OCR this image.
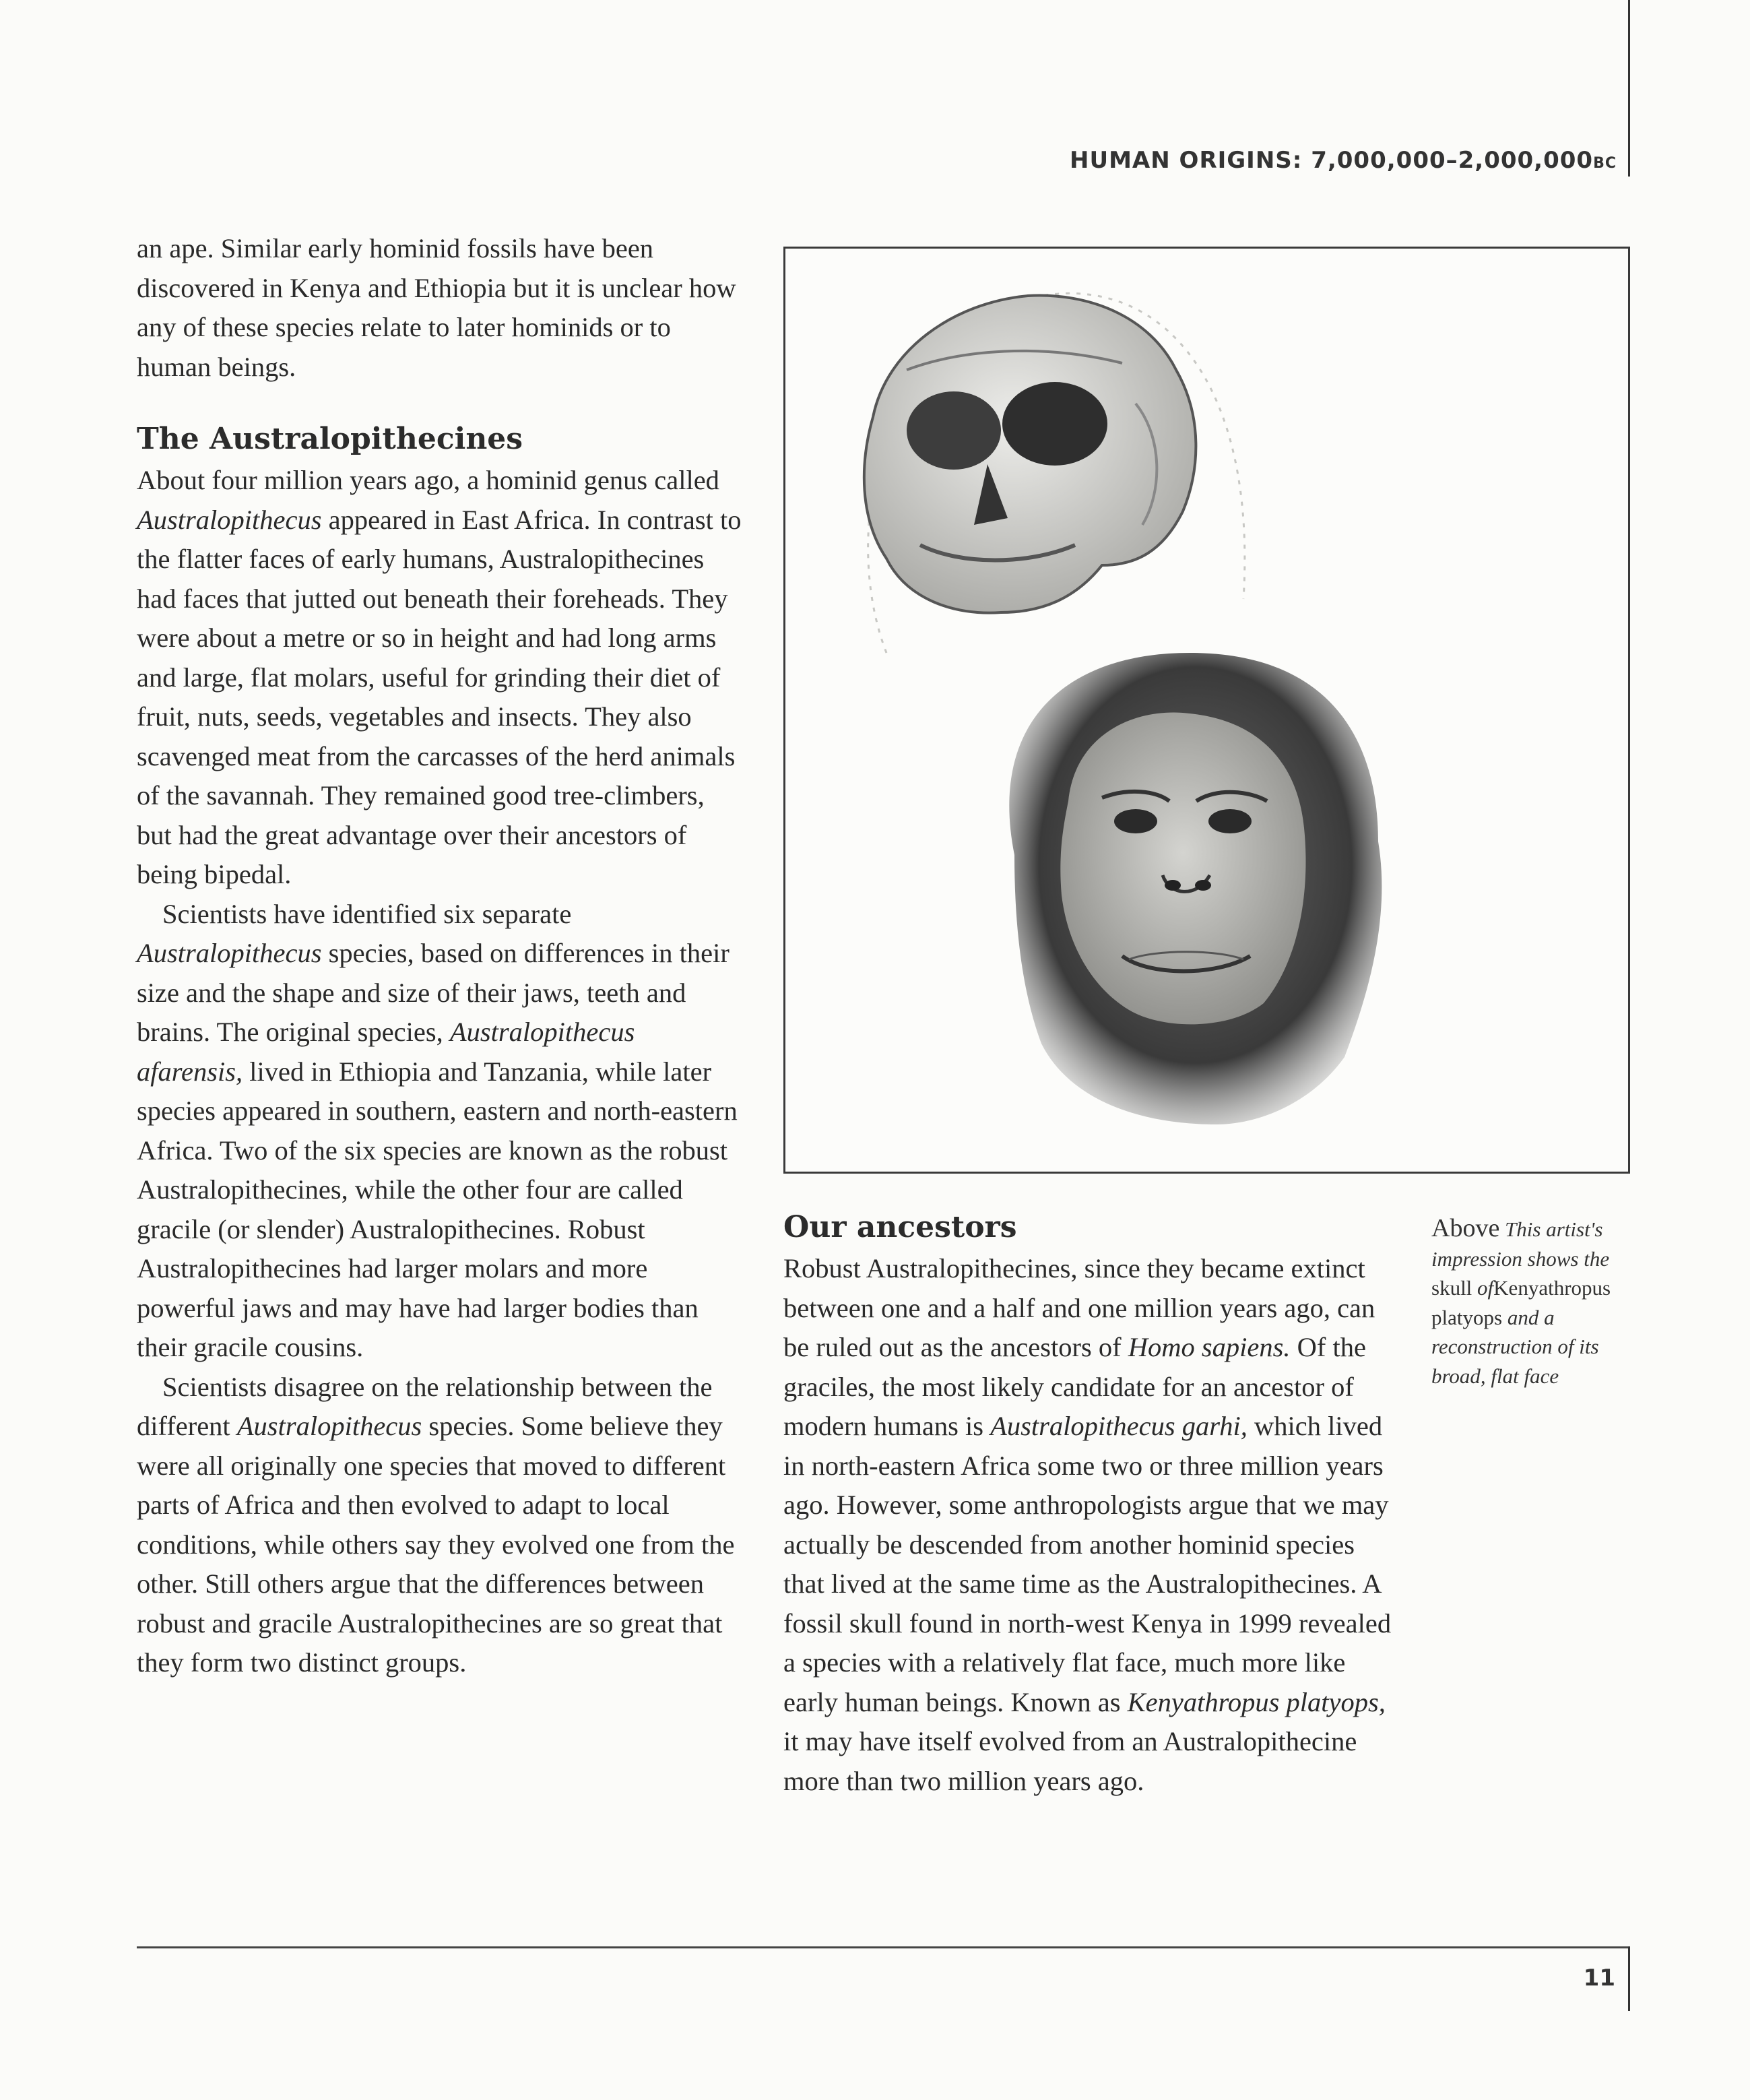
HUMAN ORIGINS: 7,000,000–2,000,000BC

an ape. Similar early hominid fossils have been discovered in Kenya and Ethiopia but it is unclear how any of these species relate to later hominids or to human beings.

The Australopithecines

About four million years ago, a hominid genus called Australopithecus appeared in East Africa. In contrast to the flatter faces of early humans, Australopithecines had faces that jutted out beneath their foreheads. They were about a metre or so in height and had long arms and large, flat molars, useful for grinding their diet of fruit, nuts, seeds, vegetables and insects. They also scavenged meat from the carcasses of the herd animals of the savannah. They remained good tree-climbers, but had the great advantage over their ancestors of being bipedal.

Scientists have identified six separate Australopithecus species, based on differences in their size and the shape and size of their jaws, teeth and brains. The original species, Australopithecus afarensis, lived in Ethiopia and Tanzania, while later species appeared in southern, eastern and north-eastern Africa. Two of the six species are known as the robust Australopithecines, while the other four are called gracile (or slender) Australopithecines. Robust Australopithecines had larger molars and more powerful jaws and may have had larger bodies than their gracile cousins.

Scientists disagree on the relationship between the different Australopithecus species. Some believe they were all originally one species that moved to different parts of Africa and then evolved to adapt to local conditions, while others say they evolved one from the other. Still others argue that the differences between robust and gracile Australopithecines are so great that they form two distinct groups.

Our ancestors

Robust Australopithecines, since they became extinct between one and a half and one million years ago, can be ruled out as the ancestors of Homo sapiens. Of the graciles, the most likely candidate for an ancestor of modern humans is Australopithecus garhi, which lived in north-eastern Africa some two or three million years ago. However, some anthropologists argue that we may actually be descended from another hominid species that lived at the same time as the Australopithecines. A fossil skull found in north-west Kenya in 1999 revealed a species with a relatively flat face, much more like early human beings. Known as Kenyathropus platyops, it may have itself evolved from an Australopithecine more than two million years ago.

Above This artist's impression shows the skull ofKenyathropus platyops and a reconstruction of its broad, flat face
11
